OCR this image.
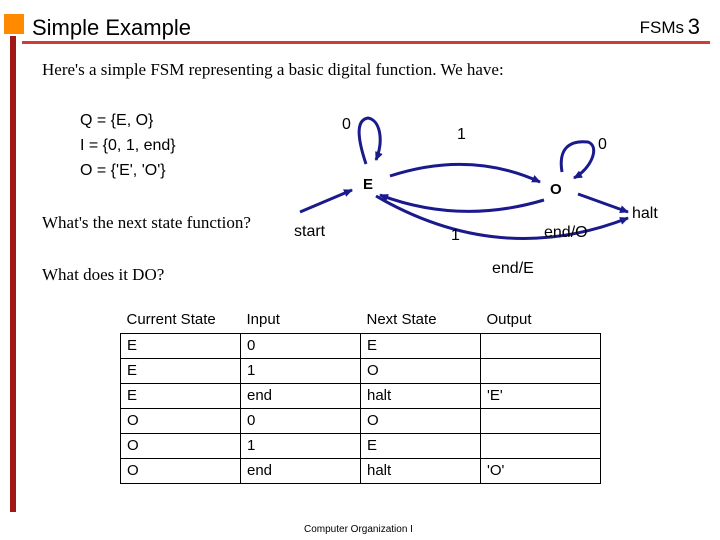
Simple Example	FSMs 3
Here's a simple FSM representing a basic digital function. We have:
Q = {E, O}
I = {0, 1, end}
O = {'E', 'O'}
What's the next state function?
What does it DO?
E	O
0
1
0
1
start	end/O
end/E
halt
Current State	Input	Next State	Output
E	0	E	
E	1	O	
E	end	halt	'E'
O	0	O	
O	1	E	
O	end	halt	'O'
Computer Organization I
